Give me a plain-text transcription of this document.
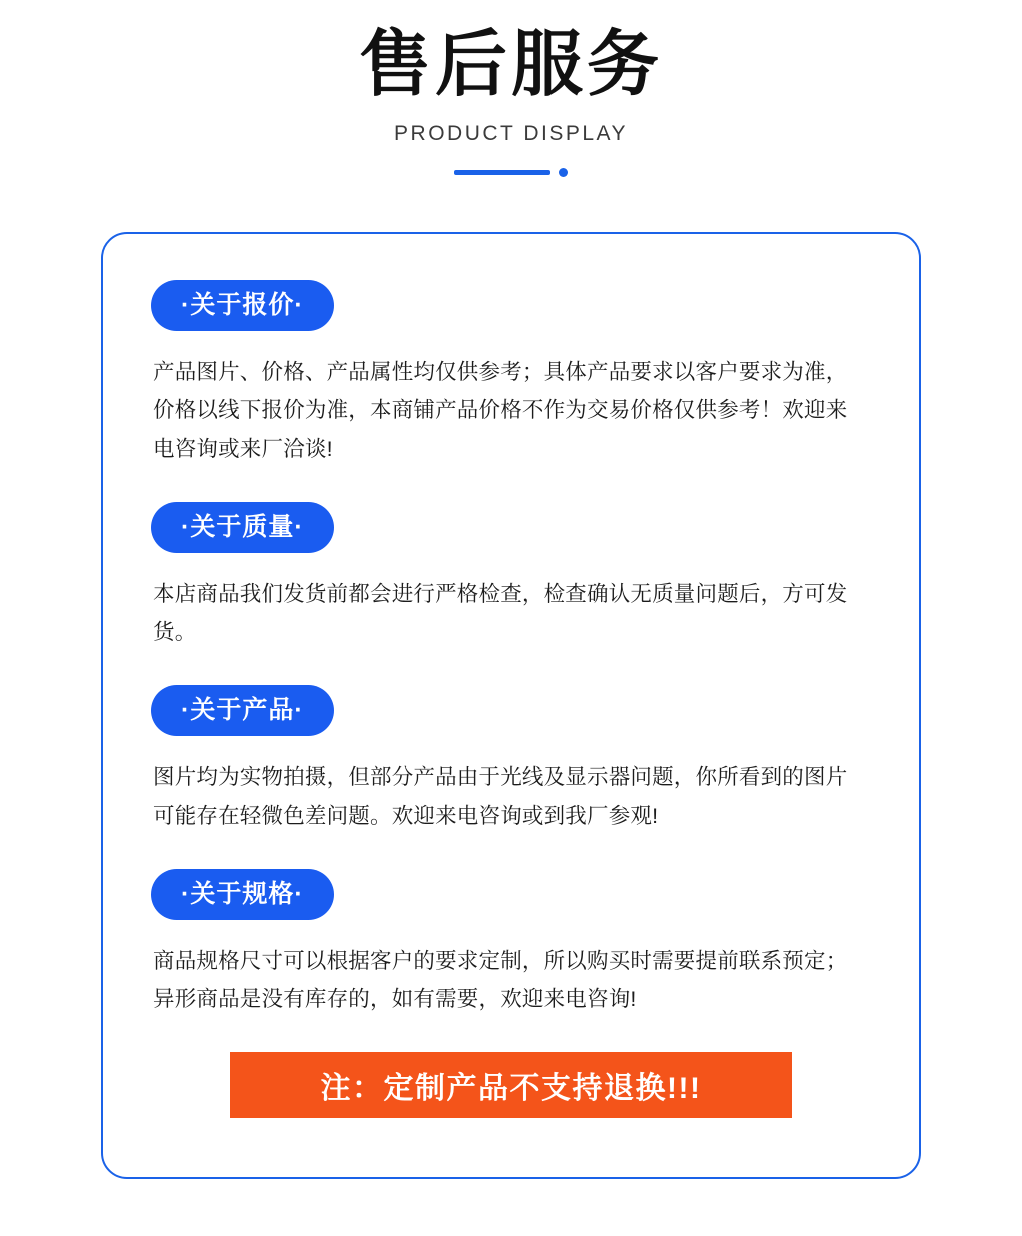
售后服务
PRODUCT DISPLAY
·关于报价·
产品图片、价格、产品属性均仅供参考；具体产品要求以客户要求为准，价格以线下报价为准，本商铺产品价格不作为交易价格仅供参考！欢迎来电咨询或来厂洽谈!
·关于质量·
本店商品我们发货前都会进行严格检查，检查确认无质量问题后，方可发货。
·关于产品·
图片均为实物拍摄，但部分产品由于光线及显示器问题，你所看到的图片可能存在轻微色差问题。欢迎来电咨询或到我厂参观!
·关于规格·
商品规格尺寸可以根据客户的要求定制，所以购买时需要提前联系预定；异形商品是没有库存的，如有需要，欢迎来电咨询!
注：定制产品不支持退换!!!
